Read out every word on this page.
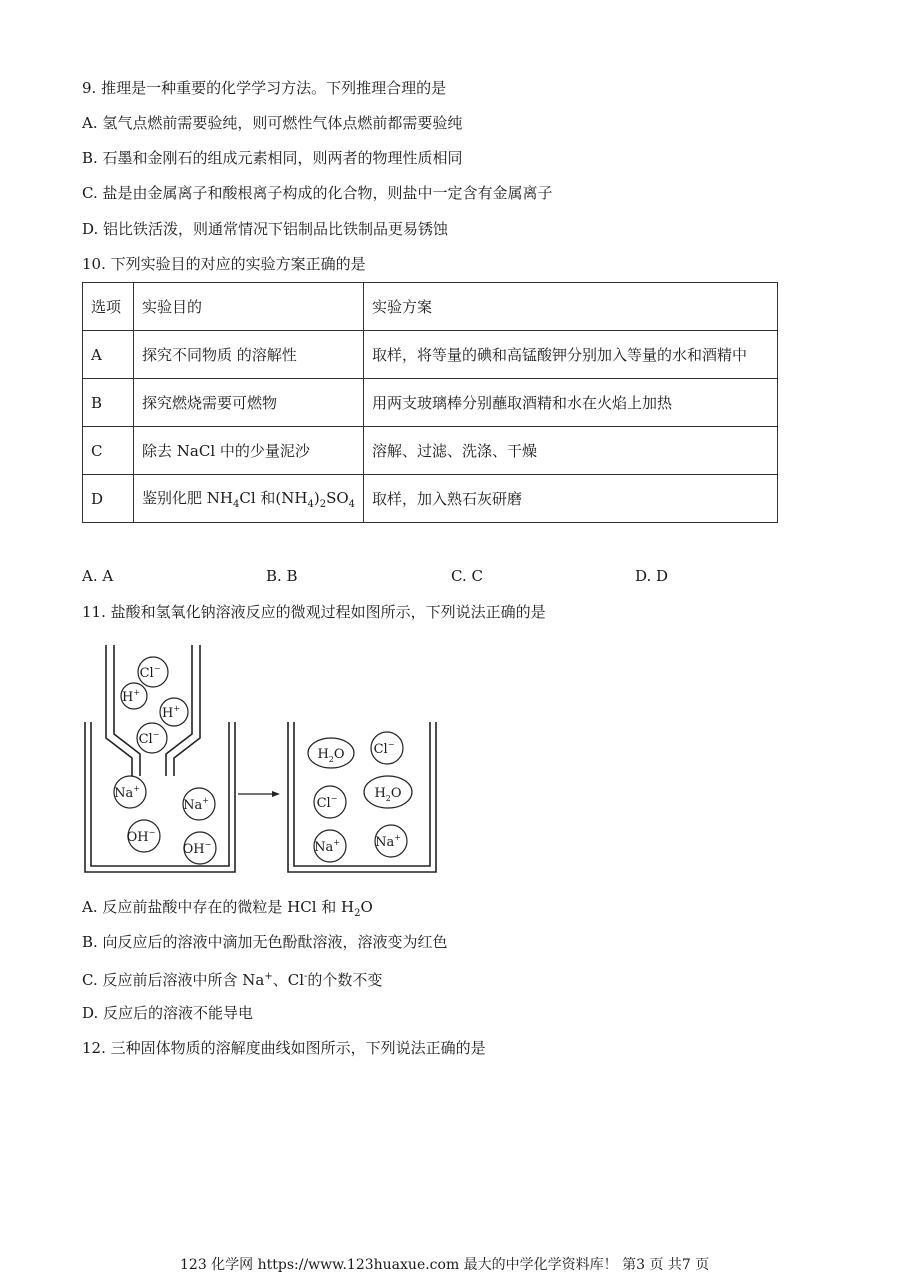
9. 推理是一种重要的化学学习方法。下列推理合理的是
A. 氢气点燃前需要验纯，则可燃性气体点燃前都需要验纯
B. 石墨和金刚石的组成元素相同，则两者的物理性质相同
C. 盐是由金属离子和酸根离子构成的化合物，则盐中一定含有金属离子
D. 铝比铁活泼，则通常情况下铝制品比铁制品更易锈蚀
10. 下列实验目的对应的实验方案正确的是
选项	实验目的	实验方案
A	探究不同物质 的溶解性	取样，将等量的碘和高锰酸钾分别加入等量的水和酒精中
B	探究燃烧需要可燃物	用两支玻璃棒分别蘸取酒精和水在火焰上加热
C	除去 NaCl 中的少量泥沙	溶解、过滤、洗涤、干燥
D	鉴别化肥 $NH_4Cl$ 和$(NH_4)_2SO_4$	取样，加入熟石灰研磨
A. A	B. B	C. C	D. D
11. 盐酸和氢氧化钠溶液反应的微观过程如图所示，下列说法正确的是
Cl−
H+
H+
Cl−
Na+
Na+
OH−
OH−
$H_2O$ Cl−
Cl−	$H_2O$
Na+	Na+
A. 反应前盐酸中存在的微粒是 HCl 和 $H_2O$
B. 向反应后的溶液中滴加无色酚酞溶液，溶液变为红色
C. 反应前后溶液中所含 Na+、Cl-的个数不变
D. 反应后的溶液不能导电
12. 三种固体物质的溶解度曲线如图所示，下列说法正确的是
123 化学网 https://www.123huaxue.com 最大的中学化学资料库！ 第3 页 共7 页
